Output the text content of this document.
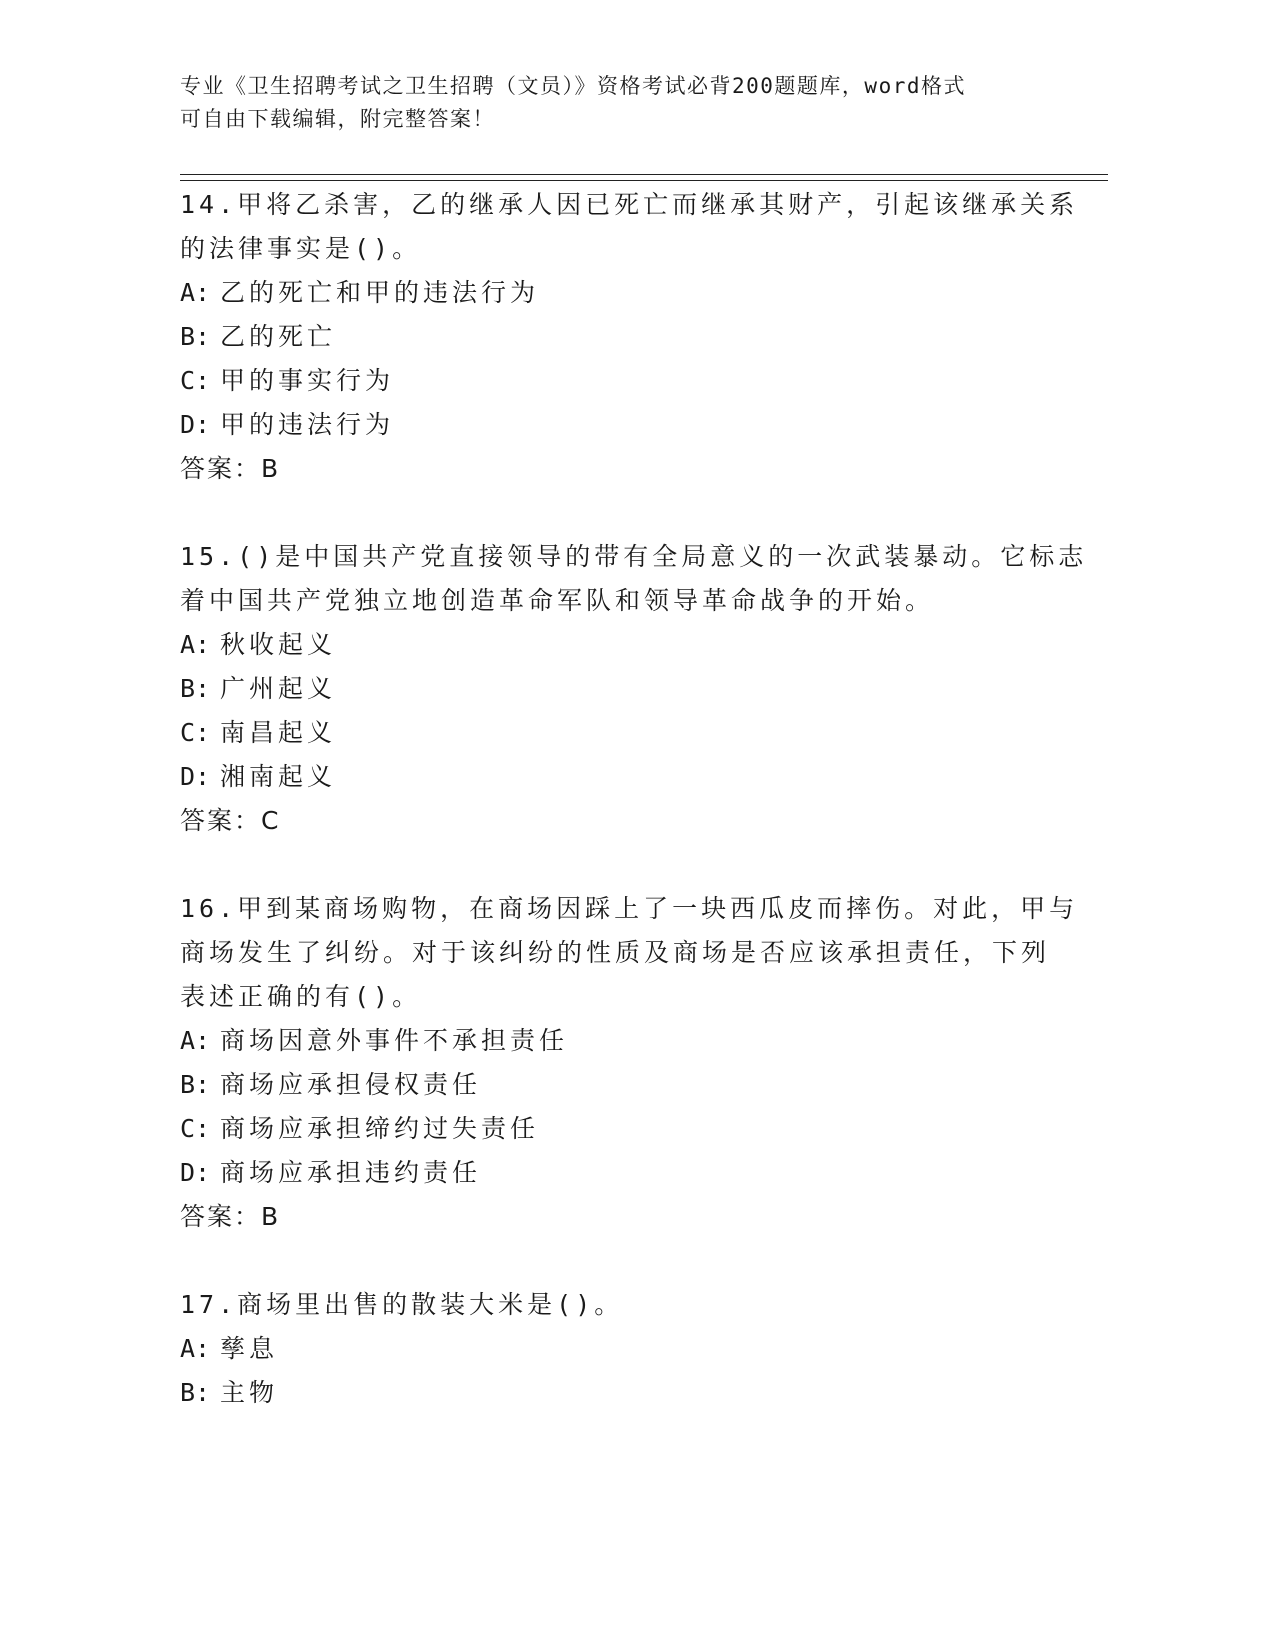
专业《卫生招聘考试之卫生招聘（文员）》资格考试必背200题题库，word格式
可自由下载编辑，附完整答案！
14.甲将乙杀害，乙的继承人因已死亡而继承其财产，引起该继承关系
的法律事实是()。
A: 乙的死亡和甲的违法行为
B: 乙的死亡
C: 甲的事实行为
D: 甲的违法行为
答案：B
15.()是中国共产党直接领导的带有全局意义的一次武装暴动。它标志
着中国共产党独立地创造革命军队和领导革命战争的开始。
A: 秋收起义
B: 广州起义
C: 南昌起义
D: 湘南起义
答案：C
16.甲到某商场购物，在商场因踩上了一块西瓜皮而摔伤。对此，甲与
商场发生了纠纷。对于该纠纷的性质及商场是否应该承担责任，下列
表述正确的有()。
A: 商场因意外事件不承担责任
B: 商场应承担侵权责任
C: 商场应承担缔约过失责任
D: 商场应承担违约责任
答案：B
17.商场里出售的散装大米是()。
A: 孳息
B: 主物
